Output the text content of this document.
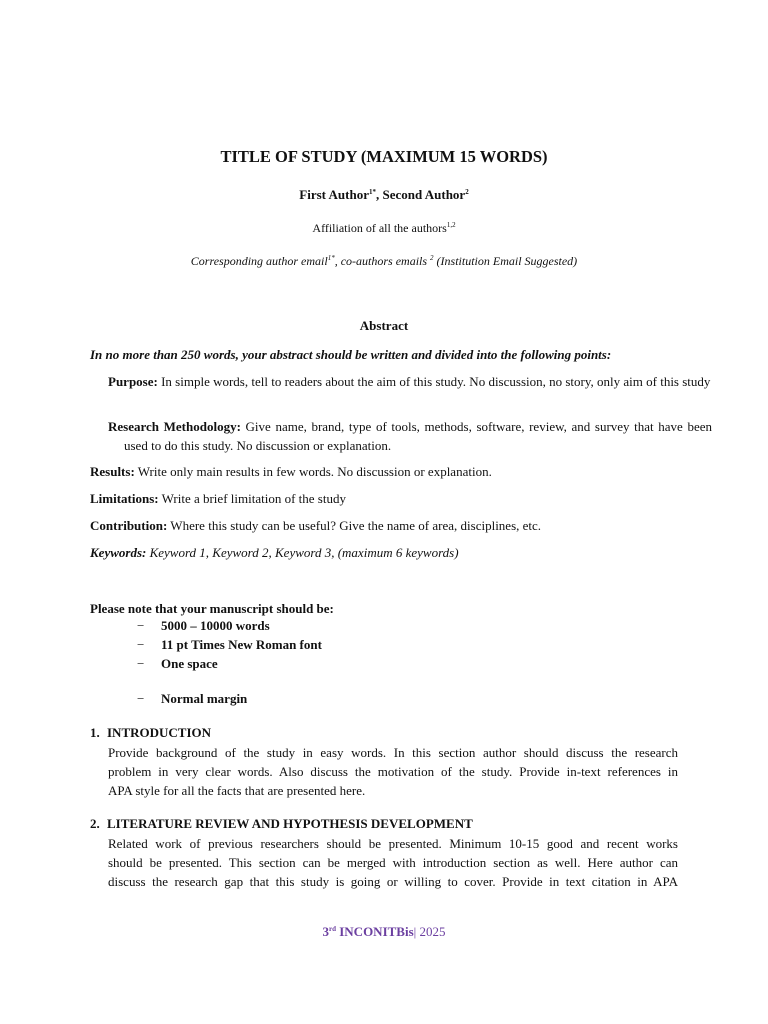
TITLE OF STUDY (MAXIMUM 15 WORDS)
First Author$^{1*}$, Second Author$^2$
Affiliation of all the authors$^{1,2}$
Corresponding author email$^{1*}$, co-authors emails $^2$ (Institution Email Suggested)
Abstract
In no more than 250 words, your abstract should be written and divided into the following points:
Purpose: In simple words, tell to readers about the aim of this study. No discussion, no story, only aim of this study
Research Methodology: Give name, brand, type of tools, methods, software, review, and survey that have been used to do this study. No discussion or explanation.
Results: Write only main results in few words. No discussion or explanation.
Limitations: Write a brief limitation of the study
Contribution: Where this study can be useful? Give the name of area, disciplines, etc.
Keywords: Keyword 1, Keyword 2, Keyword 3, (maximum 6 keywords)
Please note that your manuscript should be:
− 5000 – 10000 words
− 11 pt Times New Roman font
− One space
− Normal margin
1. INTRODUCTION
Provide background of the study in easy words. In this section author should discuss the research
problem in very clear words. Also discuss the motivation of the study. Provide in-text references in
APA style for all the facts that are presented here.
2. LITERATURE REVIEW AND HYPOTHESIS DEVELOPMENT
Related work of previous researchers should be presented. Minimum 10-15 good and recent works
should be presented. This section can be merged with introduction section as well. Here author can
discuss the research gap that this study is going or willing to cover. Provide in text citation in APA
3rd INCONITBis| 2025
